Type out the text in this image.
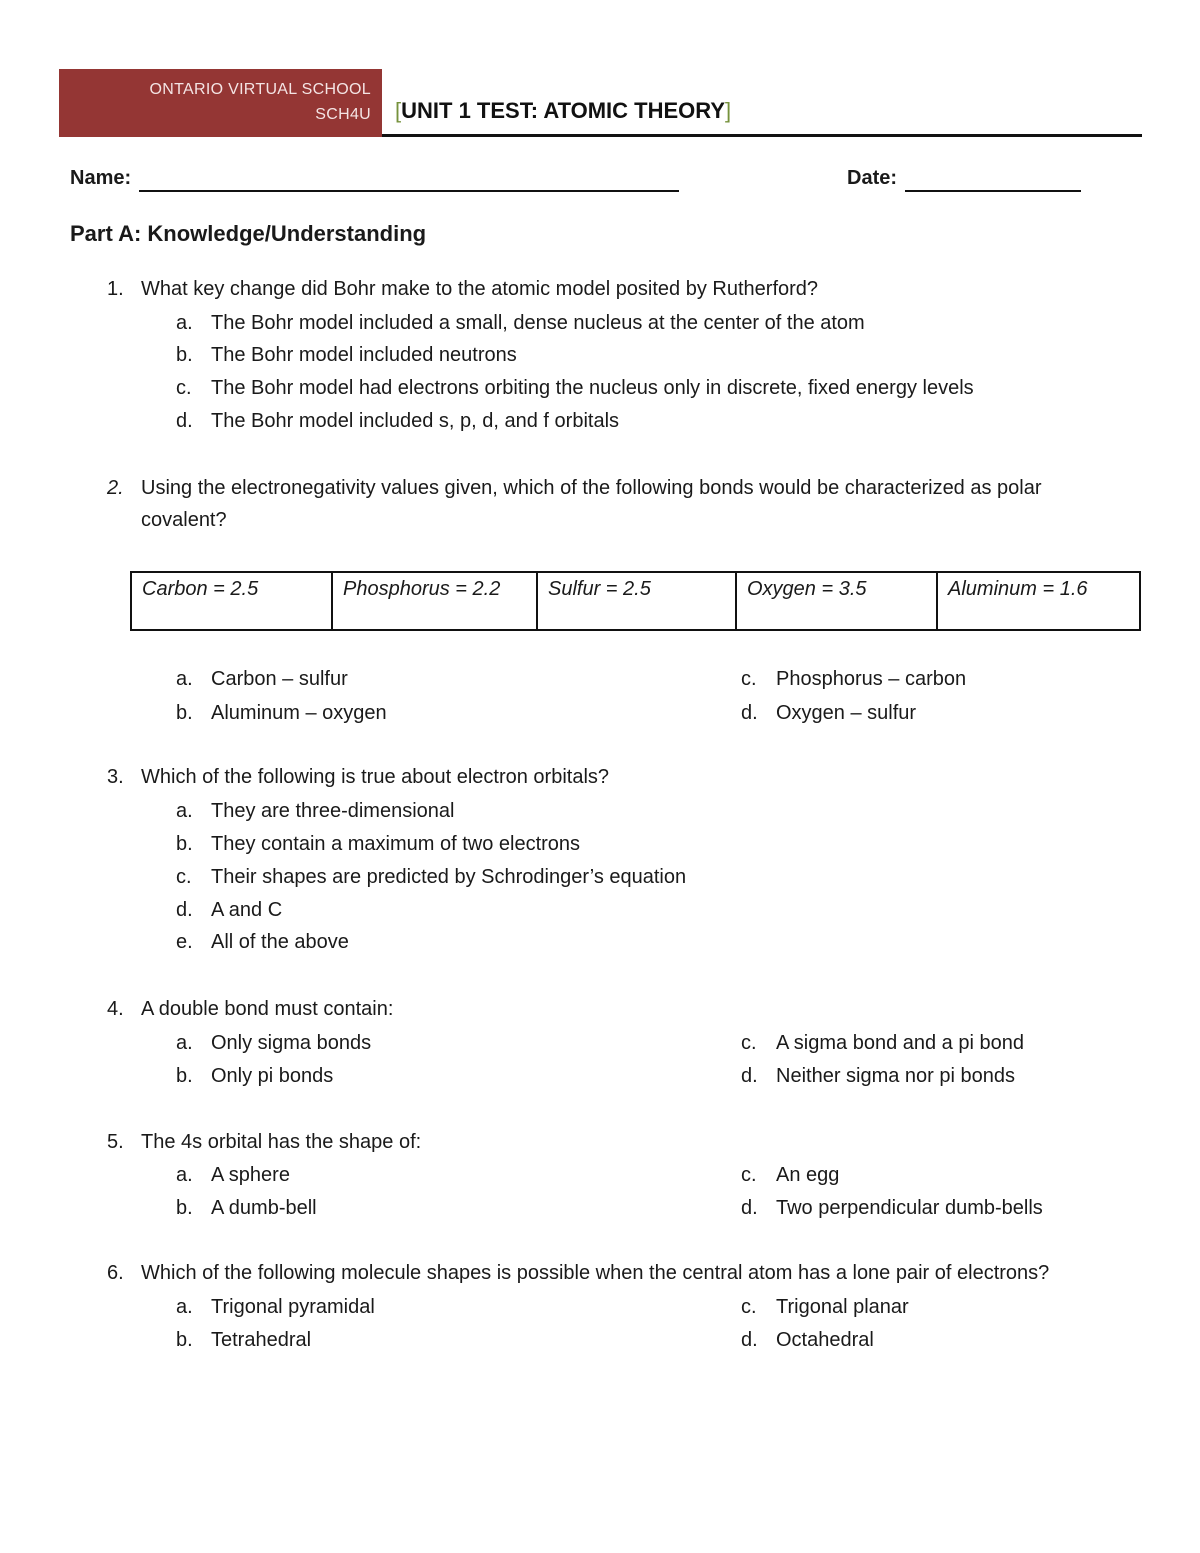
ONTARIO VIRTUAL SCHOOL
SCH4U [UNIT 1 TEST: ATOMIC THEORY]
Name:	Date:
Part A: Knowledge/Understanding
1. What key change did Bohr make to the atomic model posited by Rutherford?
a. The Bohr model included a small, dense nucleus at the center of the atom
b. The Bohr model included neutrons
c. The Bohr model had electrons orbiting the nucleus only in discrete, fixed energy levels
d. The Bohr model included s, p, d, and f orbitals
2. Using the electronegativity values given, which of the following bonds would be characterized as polar
covalent?
Carbon = 2.5	Phosphorus = 2.2	Sulfur = 2.5	Oxygen = 3.5	Aluminum = 1.6
a. Carbon – sulfur
b. Aluminum – oxygen
c. Phosphorus – carbon
d. Oxygen – sulfur
3. Which of the following is true about electron orbitals?
a. They are three-dimensional
b. They contain a maximum of two electrons
c. Their shapes are predicted by Schrodinger’s equation
d. A and C
e. All of the above
4. A double bond must contain:
a. Only sigma bonds
b. Only pi bonds
c. A sigma bond and a pi bond
d. Neither sigma nor pi bonds
5. The 4s orbital has the shape of:
a. A sphere
b. A dumb-bell
c. An egg
d. Two perpendicular dumb-bells
6. Which of the following molecule shapes is possible when the central atom has a lone pair of electrons?
a. Trigonal pyramidal
b. Tetrahedral
c. Trigonal planar
d. Octahedral
